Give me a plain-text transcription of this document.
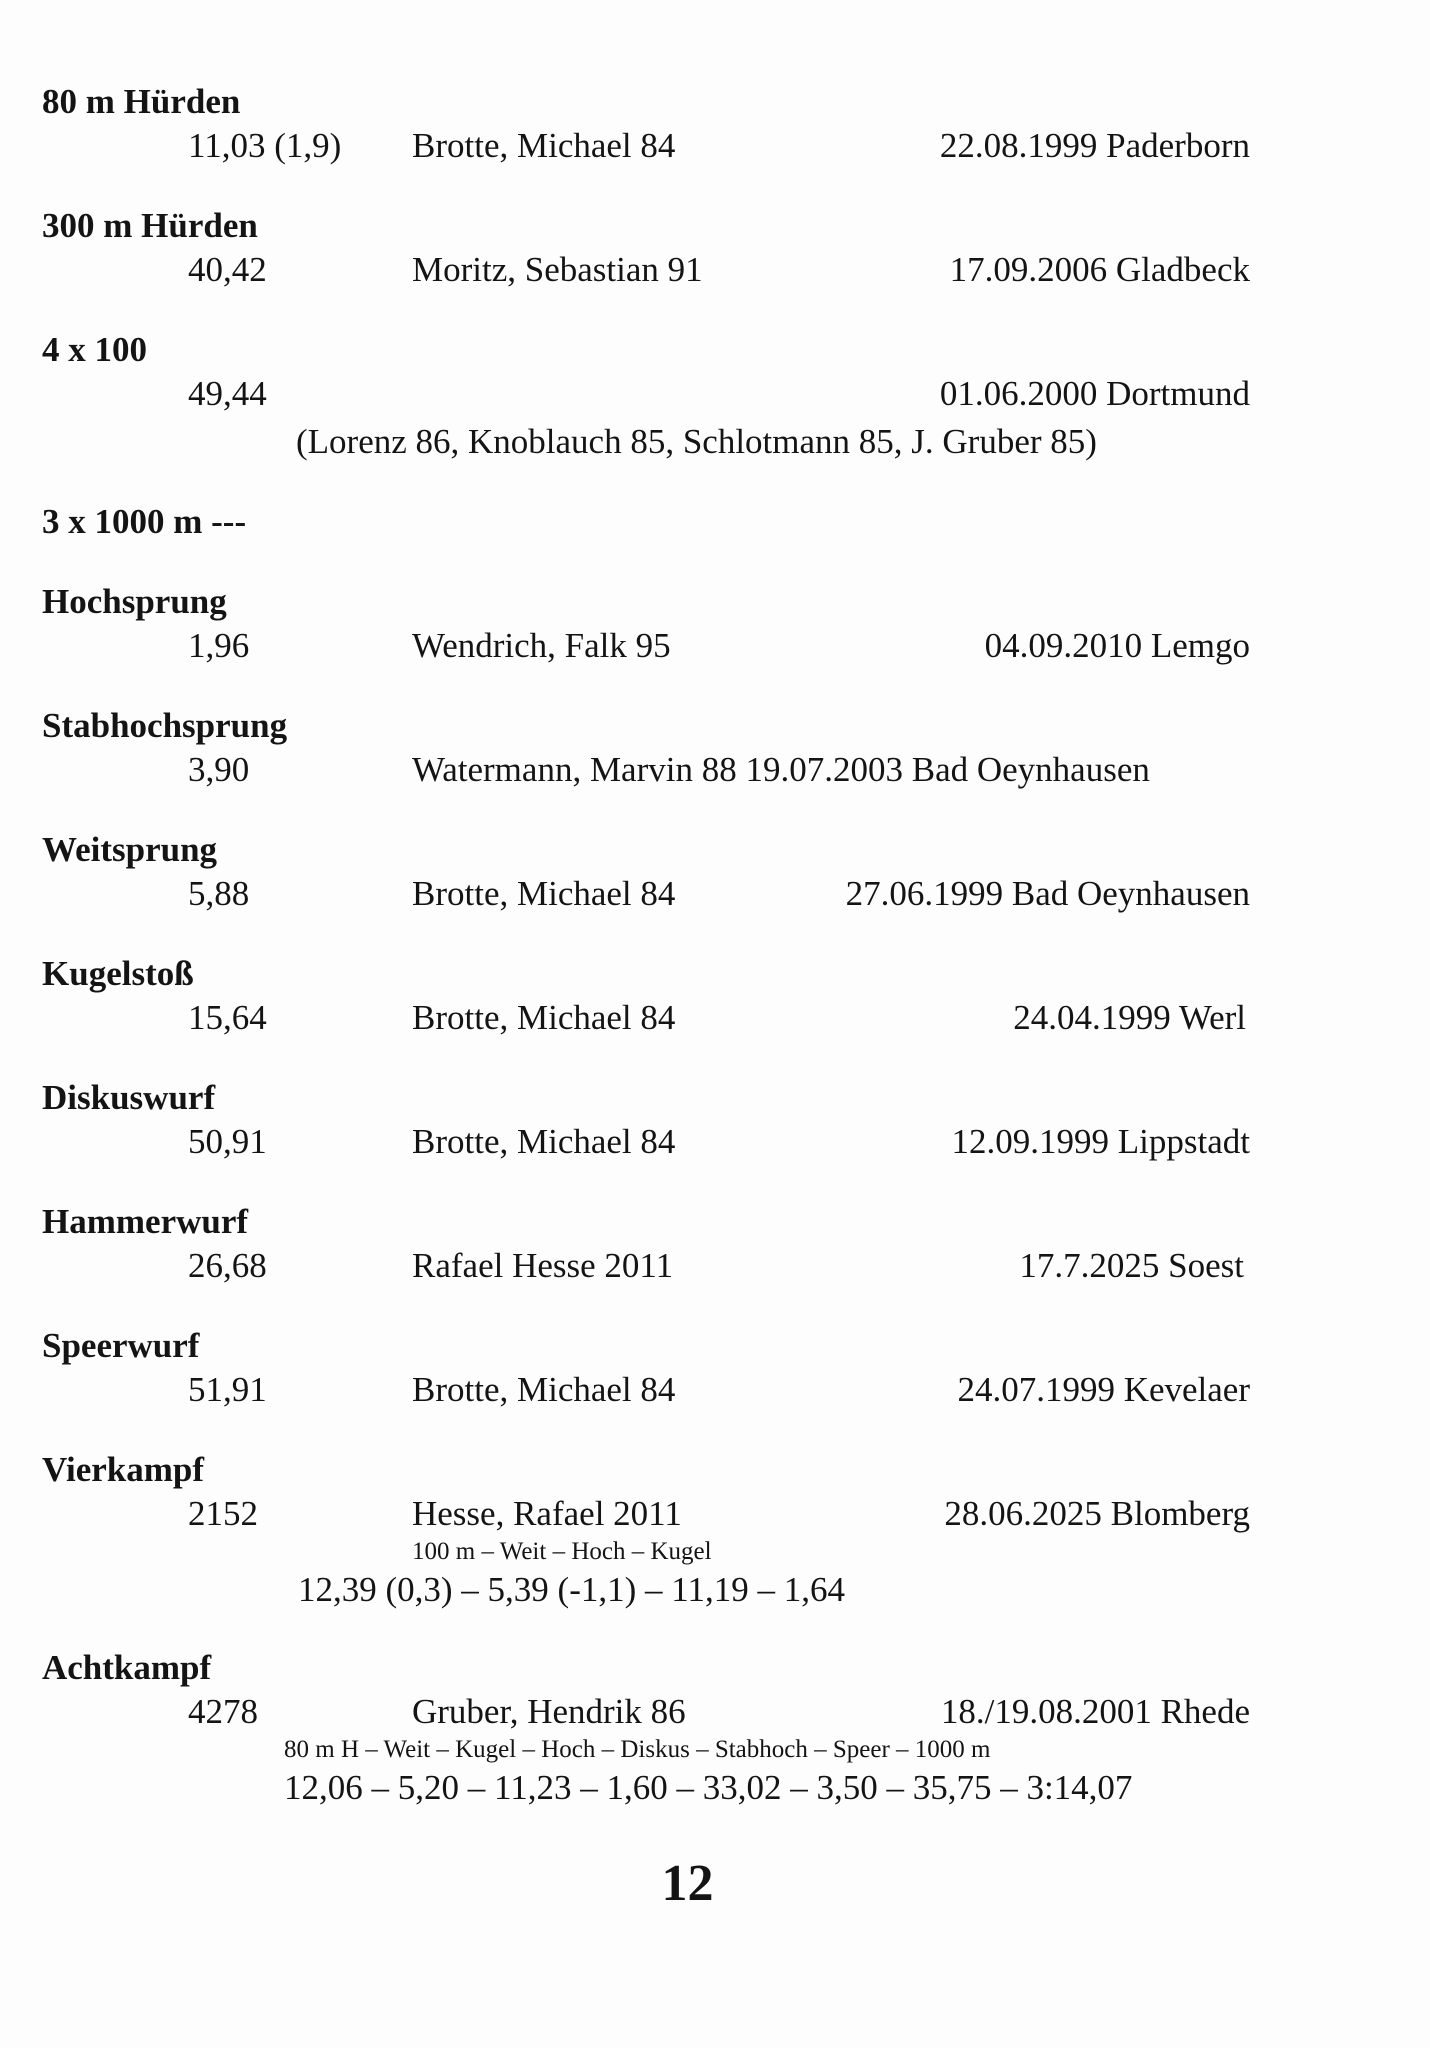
80 m Hürden
11,03 (1,9) Brotte, Michael 84	22.08.1999 Paderborn
300 m Hürden
40,42	Moritz, Sebastian 91	17.09.2006 Gladbeck
4 x 100
49,44	01.06.2000 Dortmund
(Lorenz 86, Knoblauch 85, Schlotmann 85, J. Gruber 85)
3 x 1000 m ---
Hochsprung
1,96	Wendrich, Falk 95	04.09.2010 Lemgo
Stabhochsprung
3,90	Watermann, Marvin 88 19.07.2003 Bad Oeynhausen
Weitsprung
5,88	Brotte, Michael 84	27.06.1999 Bad Oeynhausen
Kugelstoß
15,64	Brotte, Michael 84	24.04.1999 Werl
Diskuswurf
50,91	Brotte, Michael 84	12.09.1999 Lippstadt
Hammerwurf
26,68	Rafael Hesse 2011	17.7.2025 Soest
Speerwurf
51,91	Brotte, Michael 84	24.07.1999 Kevelaer
Vierkampf
2152	Hesse, Rafael 2011	28.06.2025 Blomberg
100 m – Weit – Hoch – Kugel
12,39 (0,3) – 5,39 (-1,1) – 11,19 – 1,64
Achtkampf
4278	Gruber, Hendrik 86	18./19.08.2001 Rhede
80 m H – Weit – Kugel – Hoch – Diskus – Stabhoch – Speer – 1000 m
12,06 – 5,20 – 11,23 – 1,60 – 33,02 – 3,50 – 35,75 – 3:14,07
12
